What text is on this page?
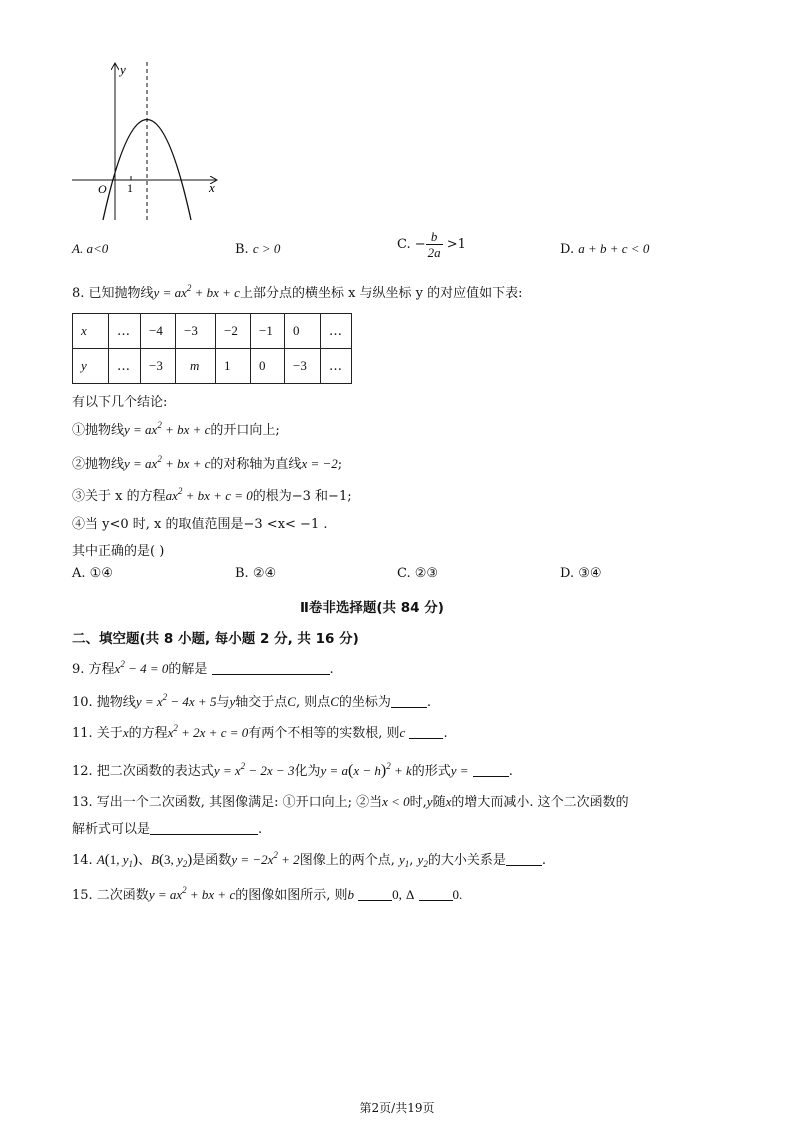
y
x
O 1
A. a<0	B. c > 0	C. − $\frac{b}{2a} >1$	D. a + b + c < 0
8. 已知抛物线$y = ax^2$ + bx + c上部分点的横坐标 x 与纵坐标 y 的对应值如下表:
x	…	−4	−3	−2	−1	0	…
y	…	−3	m	1	0	−3	…
有以下几个结论:
①抛物线$y = ax^2$ + bx + c的开口向上;
②抛物线$y = ax^2$ + bx + c的对称轴为直线x = −2;
③关于 x 的方程$ax^2$ + bx + c = 0的根为−3 和−1;
④当 y<0 时, x 的取值范围是−3 <x< −1 .
其中正确的是( )
A. ①④	B. ②④	C. ②③	D. ③④
Ⅱ卷非选择题(共 84 分)
二、填空题(共 8 小题, 每小题 2 分, 共 16 分)
9. 方程$x^2 - 4 = 0$的解是	.
10. 抛物线$y = x^2 - 4x + 5$与y轴交于点C, 则点C的坐标为	.
11. 关于x的方程$x^2 + 2x + c = 0$有两个不相等的实数根, 则c	.
12. 把二次函数的表达式$y = x^2 - 2x - 3$化为$y = a(x - h)^2 + k$的形式y =	.
13. 写出一个二次函数, 其图像满足: ①开口向上; ②当x < 0时,y随x的增大而减小. 这个二次函数的
解析式可以是	.
14. A(1, $y_1$)、B(3, $y_2$)是函数$y = -2x^2 + 2$图像上的两个点, $y_1$, $y_2$的大小关系是	.
15. 二次函数$y = ax^2$ + bx + c的图像如图所示, 则b	0, Δ	0.
第2页/共19页
